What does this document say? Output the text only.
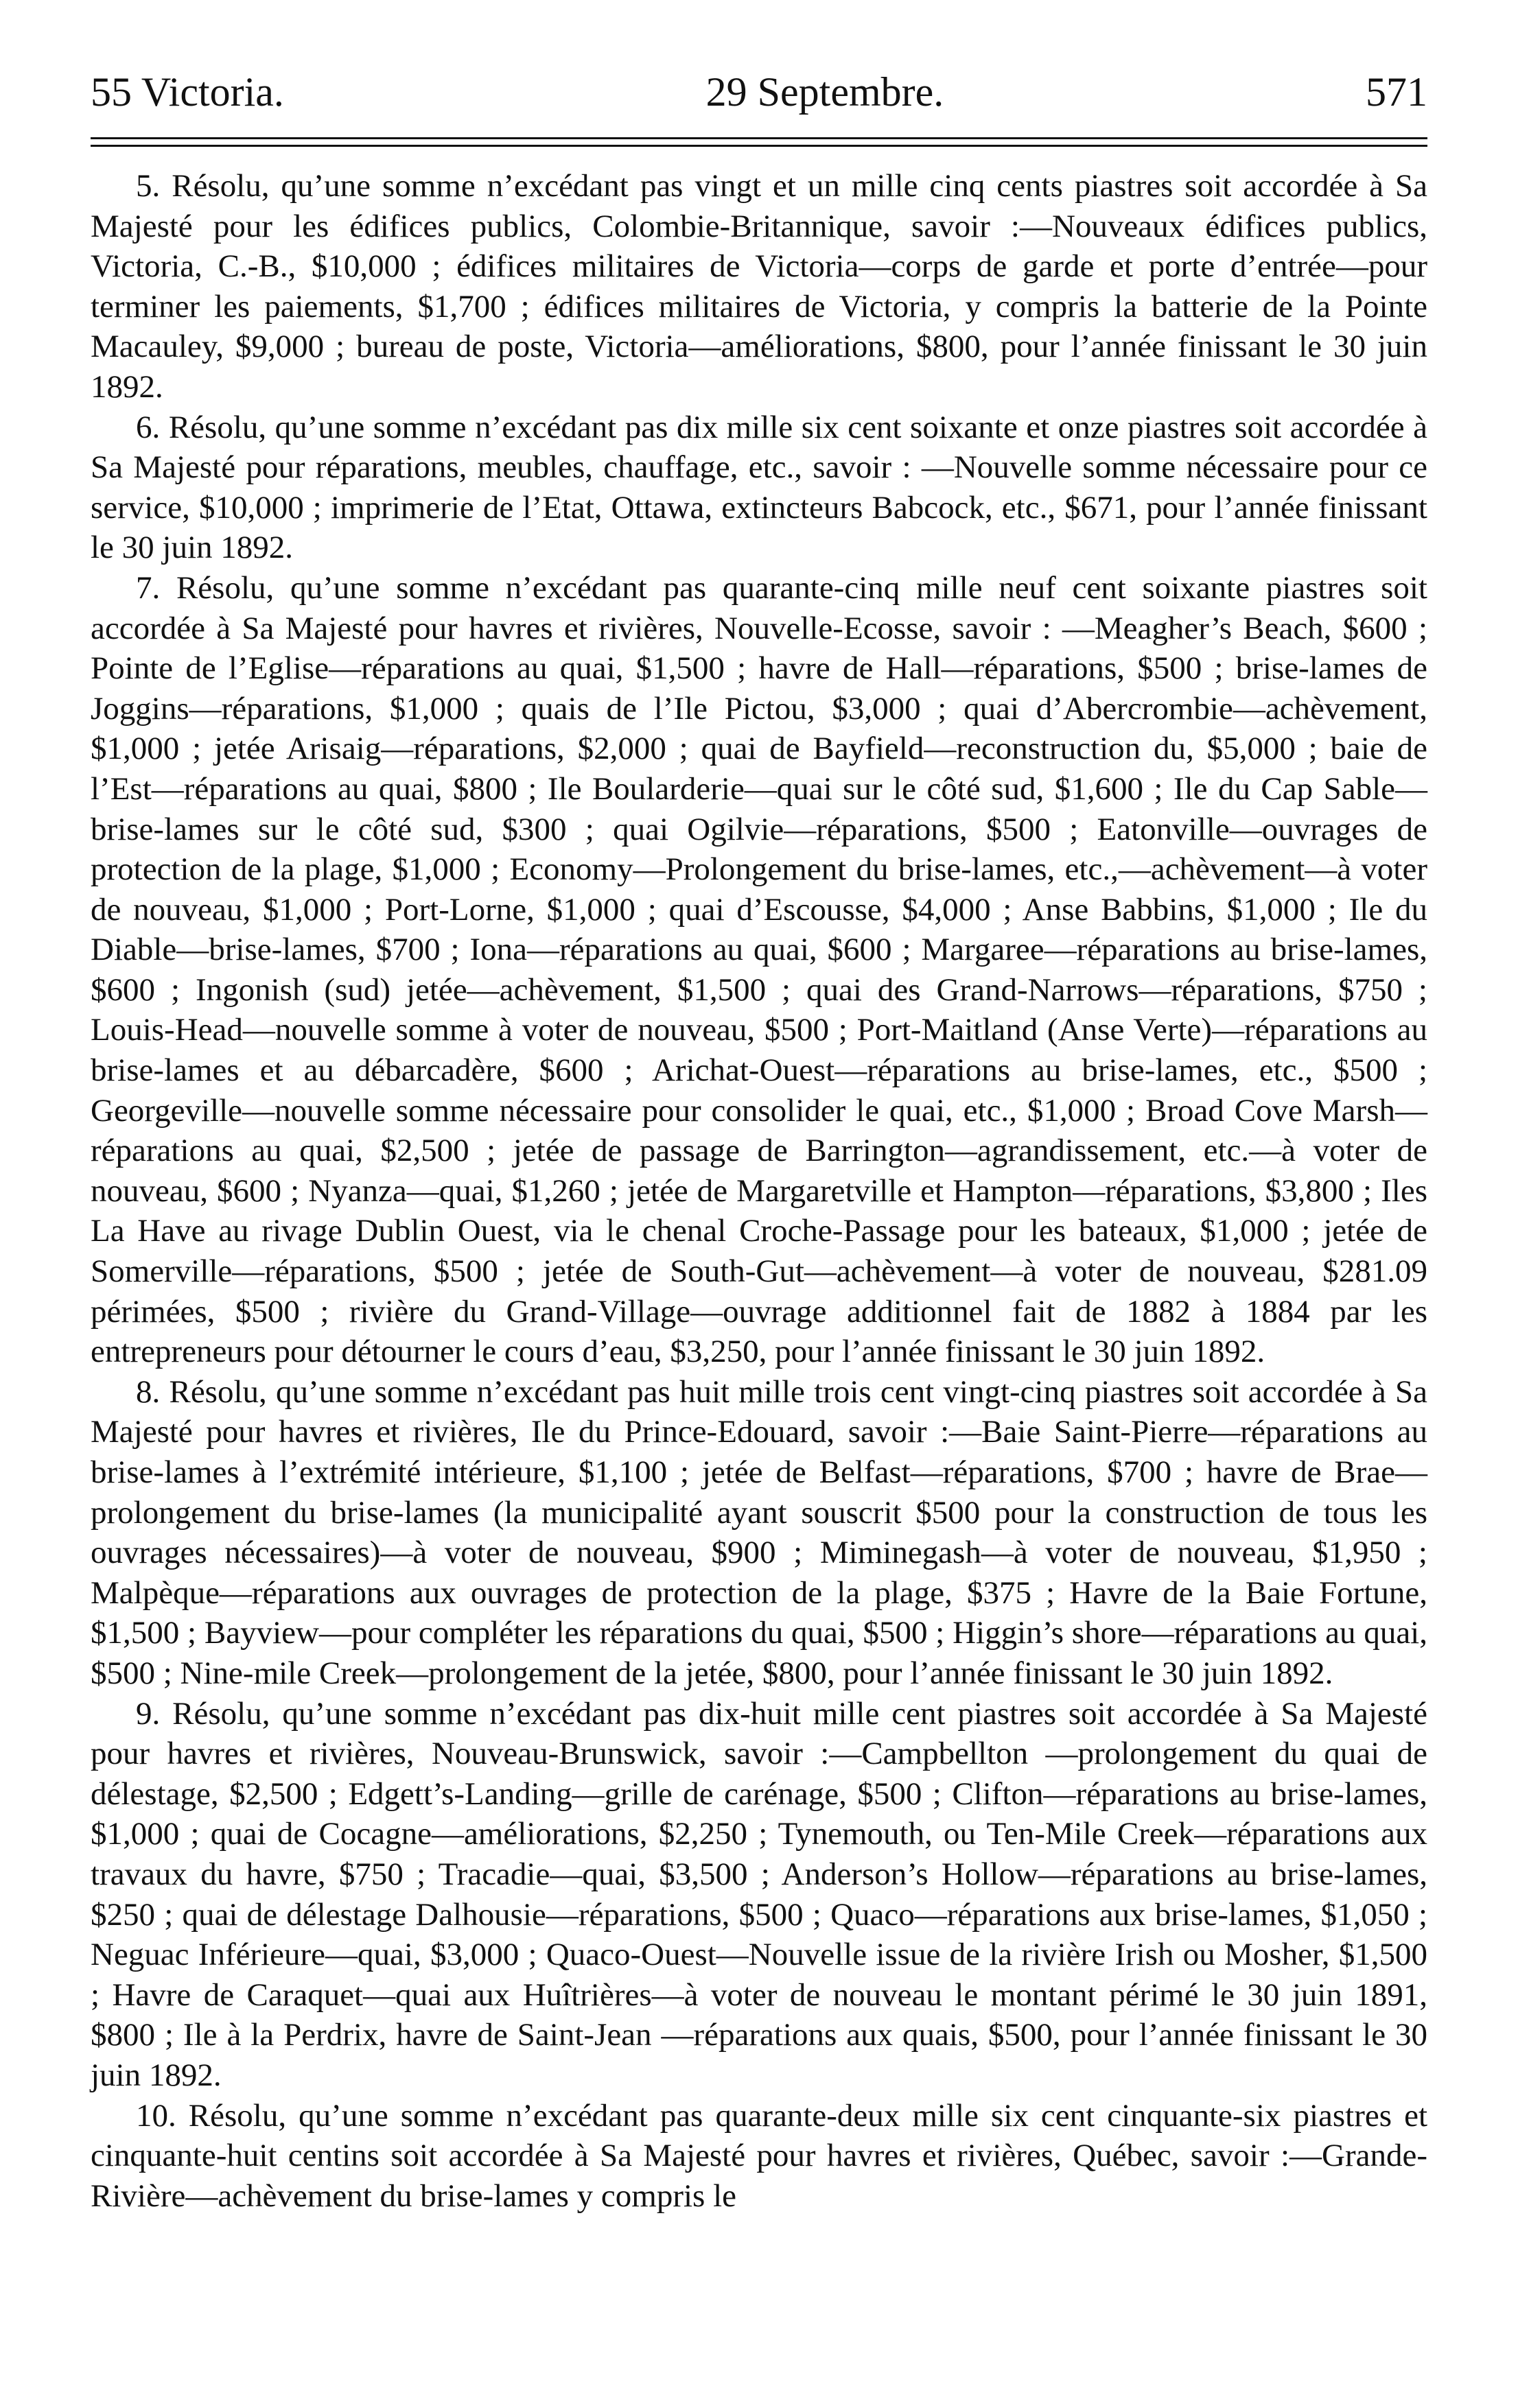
55 Victoria.	29 Septembre.	571

5. Résolu, qu’une somme n’excédant pas vingt et un mille cinq cents piastres soit accordée à Sa Majesté pour les édifices publics, Colombie-Britannique, savoir :—Nouveaux édifices publics, Victoria, C.-B., $10,000 ; édifices militaires de Victoria—corps de garde et porte d’entrée—pour terminer les paiements, $1,700 ; édifices militaires de Victoria, y compris la batterie de la Pointe Macauley, $9,000 ; bureau de poste, Victoria—améliorations, $800, pour l’année finissant le 30 juin 1892.

6. Résolu, qu’une somme n’excédant pas dix mille six cent soixante et onze piastres soit accordée à Sa Majesté pour réparations, meubles, chauffage, etc., savoir : —Nouvelle somme nécessaire pour ce service, $10,000 ; imprimerie de l’Etat, Ottawa, extincteurs Babcock, etc., $671, pour l’année finissant le 30 juin 1892.

7. Résolu, qu’une somme n’excédant pas quarante-cinq mille neuf cent soixante piastres soit accordée à Sa Majesté pour havres et rivières, Nouvelle-Ecosse, savoir : —Meagher’s Beach, $600 ; Pointe de l’Eglise—réparations au quai, $1,500 ; havre de Hall—réparations, $500 ; brise-lames de Joggins—réparations, $1,000 ; quais de l’Ile Pictou, $3,000 ; quai d’Abercrombie—achèvement, $1,000 ; jetée Arisaig—réparations, $2,000 ; quai de Bayfield—reconstruction du, $5,000 ; baie de l’Est—réparations au quai, $800 ; Ile Boularderie—quai sur le côté sud, $1,600 ; Ile du Cap Sable—brise-lames sur le côté sud, $300 ; quai Ogilvie—réparations, $500 ; Eatonville—ouvrages de protection de la plage, $1,000 ; Economy—Prolongement du brise-lames, etc.,—achèvement—à voter de nouveau, $1,000 ; Port-Lorne, $1,000 ; quai d’Escousse, $4,000 ; Anse Babbins, $1,000 ; Ile du Diable—brise-lames, $700 ; Iona—réparations au quai, $600 ; Margaree—réparations au brise-lames, $600 ; Ingonish (sud) jetée—achèvement, $1,500 ; quai des Grand-Narrows—réparations, $750 ; Louis-Head—nouvelle somme à voter de nouveau, $500 ; Port-Maitland (Anse Verte)—réparations au brise-lames et au débarcadère, $600 ; Arichat-Ouest—réparations au brise-lames, etc., $500 ; Georgeville—nouvelle somme nécessaire pour consolider le quai, etc., $1,000 ; Broad Cove Marsh—réparations au quai, $2,500 ; jetée de passage de Barrington—agrandissement, etc.—à voter de nouveau, $600 ; Nyanza—quai, $1,260 ; jetée de Margaretville et Hampton—réparations, $3,800 ; Iles La Have au rivage Dublin Ouest, via le chenal Croche-Passage pour les bateaux, $1,000 ; jetée de Somerville—réparations, $500 ; jetée de South-Gut—achèvement—à voter de nouveau, $281.09 périmées, $500 ; rivière du Grand-Village—ouvrage additionnel fait de 1882 à 1884 par les entrepreneurs pour détourner le cours d’eau, $3,250, pour l’année finissant le 30 juin 1892.

8. Résolu, qu’une somme n’excédant pas huit mille trois cent vingt-cinq piastres soit accordée à Sa Majesté pour havres et rivières, Ile du Prince-Edouard, savoir :—Baie Saint-Pierre—réparations au brise-lames à l’extrémité intérieure, $1,100 ; jetée de Belfast—réparations, $700 ; havre de Brae—prolongement du brise-lames (la municipalité ayant souscrit $500 pour la construction de tous les ouvrages nécessaires)—à voter de nouveau, $900 ; Miminegash—à voter de nouveau, $1,950 ; Malpèque—réparations aux ouvrages de protection de la plage, $375 ; Havre de la Baie Fortune, $1,500 ; Bayview—pour compléter les réparations du quai, $500 ; Higgin’s shore—réparations au quai, $500 ; Nine-mile Creek—prolongement de la jetée, $800, pour l’année finissant le 30 juin 1892.

9. Résolu, qu’une somme n’excédant pas dix-huit mille cent piastres soit accordée à Sa Majesté pour havres et rivières, Nouveau-Brunswick, savoir :—Campbellton —prolongement du quai de délestage, $2,500 ; Edgett’s-Landing—grille de carénage, $500 ; Clifton—réparations au brise-lames, $1,000 ; quai de Cocagne—améliorations, $2,250 ; Tynemouth, ou Ten-Mile Creek—réparations aux travaux du havre, $750 ; Tracadie—quai, $3,500 ; Anderson’s Hollow—réparations au brise-lames, $250 ; quai de délestage Dalhousie—réparations, $500 ; Quaco—réparations aux brise-lames, $1,050 ; Neguac Inférieure—quai, $3,000 ; Quaco-Ouest—Nouvelle issue de la rivière Irish ou Mosher, $1,500 ; Havre de Caraquet—quai aux Huîtrières—à voter de nouveau le montant périmé le 30 juin 1891, $800 ; Ile à la Perdrix, havre de Saint-Jean —réparations aux quais, $500, pour l’année finissant le 30 juin 1892.

10. Résolu, qu’une somme n’excédant pas quarante-deux mille six cent cinquante-six piastres et cinquante-huit centins soit accordée à Sa Majesté pour havres et rivières, Québec, savoir :—Grande-Rivière—achèvement du brise-lames y compris le
